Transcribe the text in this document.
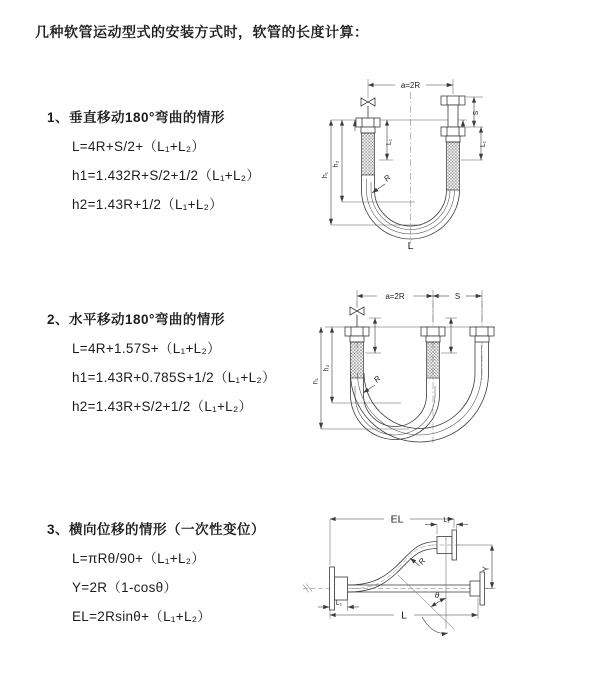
几种软管运动型式的安装方式时，软管的长度计算：
1、垂直移动180°弯曲的情形
L=4R+S/2+（L₁+L₂）
h1=1.432R+S/2+1/2（L₁+L₂）
h2=1.43R+1/2（L₁+L₂）
2、水平移动180°弯曲的情形
L=4R+1.57S+（L₁+L₂）
h1=1.43R+0.785S+1/2（L₁+L₂）
h2=1.43R+S/2+1/2（L₁+L₂）
3、横向位移的情形（一次性变位）
L=πRθ/90+（L₁+L₂）
Y=2R（1-cosθ）
EL=2Rsinθ+（L₁+L₂）
a=2R
R
L
h₁
h₂
L₁
S
L₁
a=2R	S
R
h₁
h₂
θ
R
EL	L₁
Y
L
L₁
